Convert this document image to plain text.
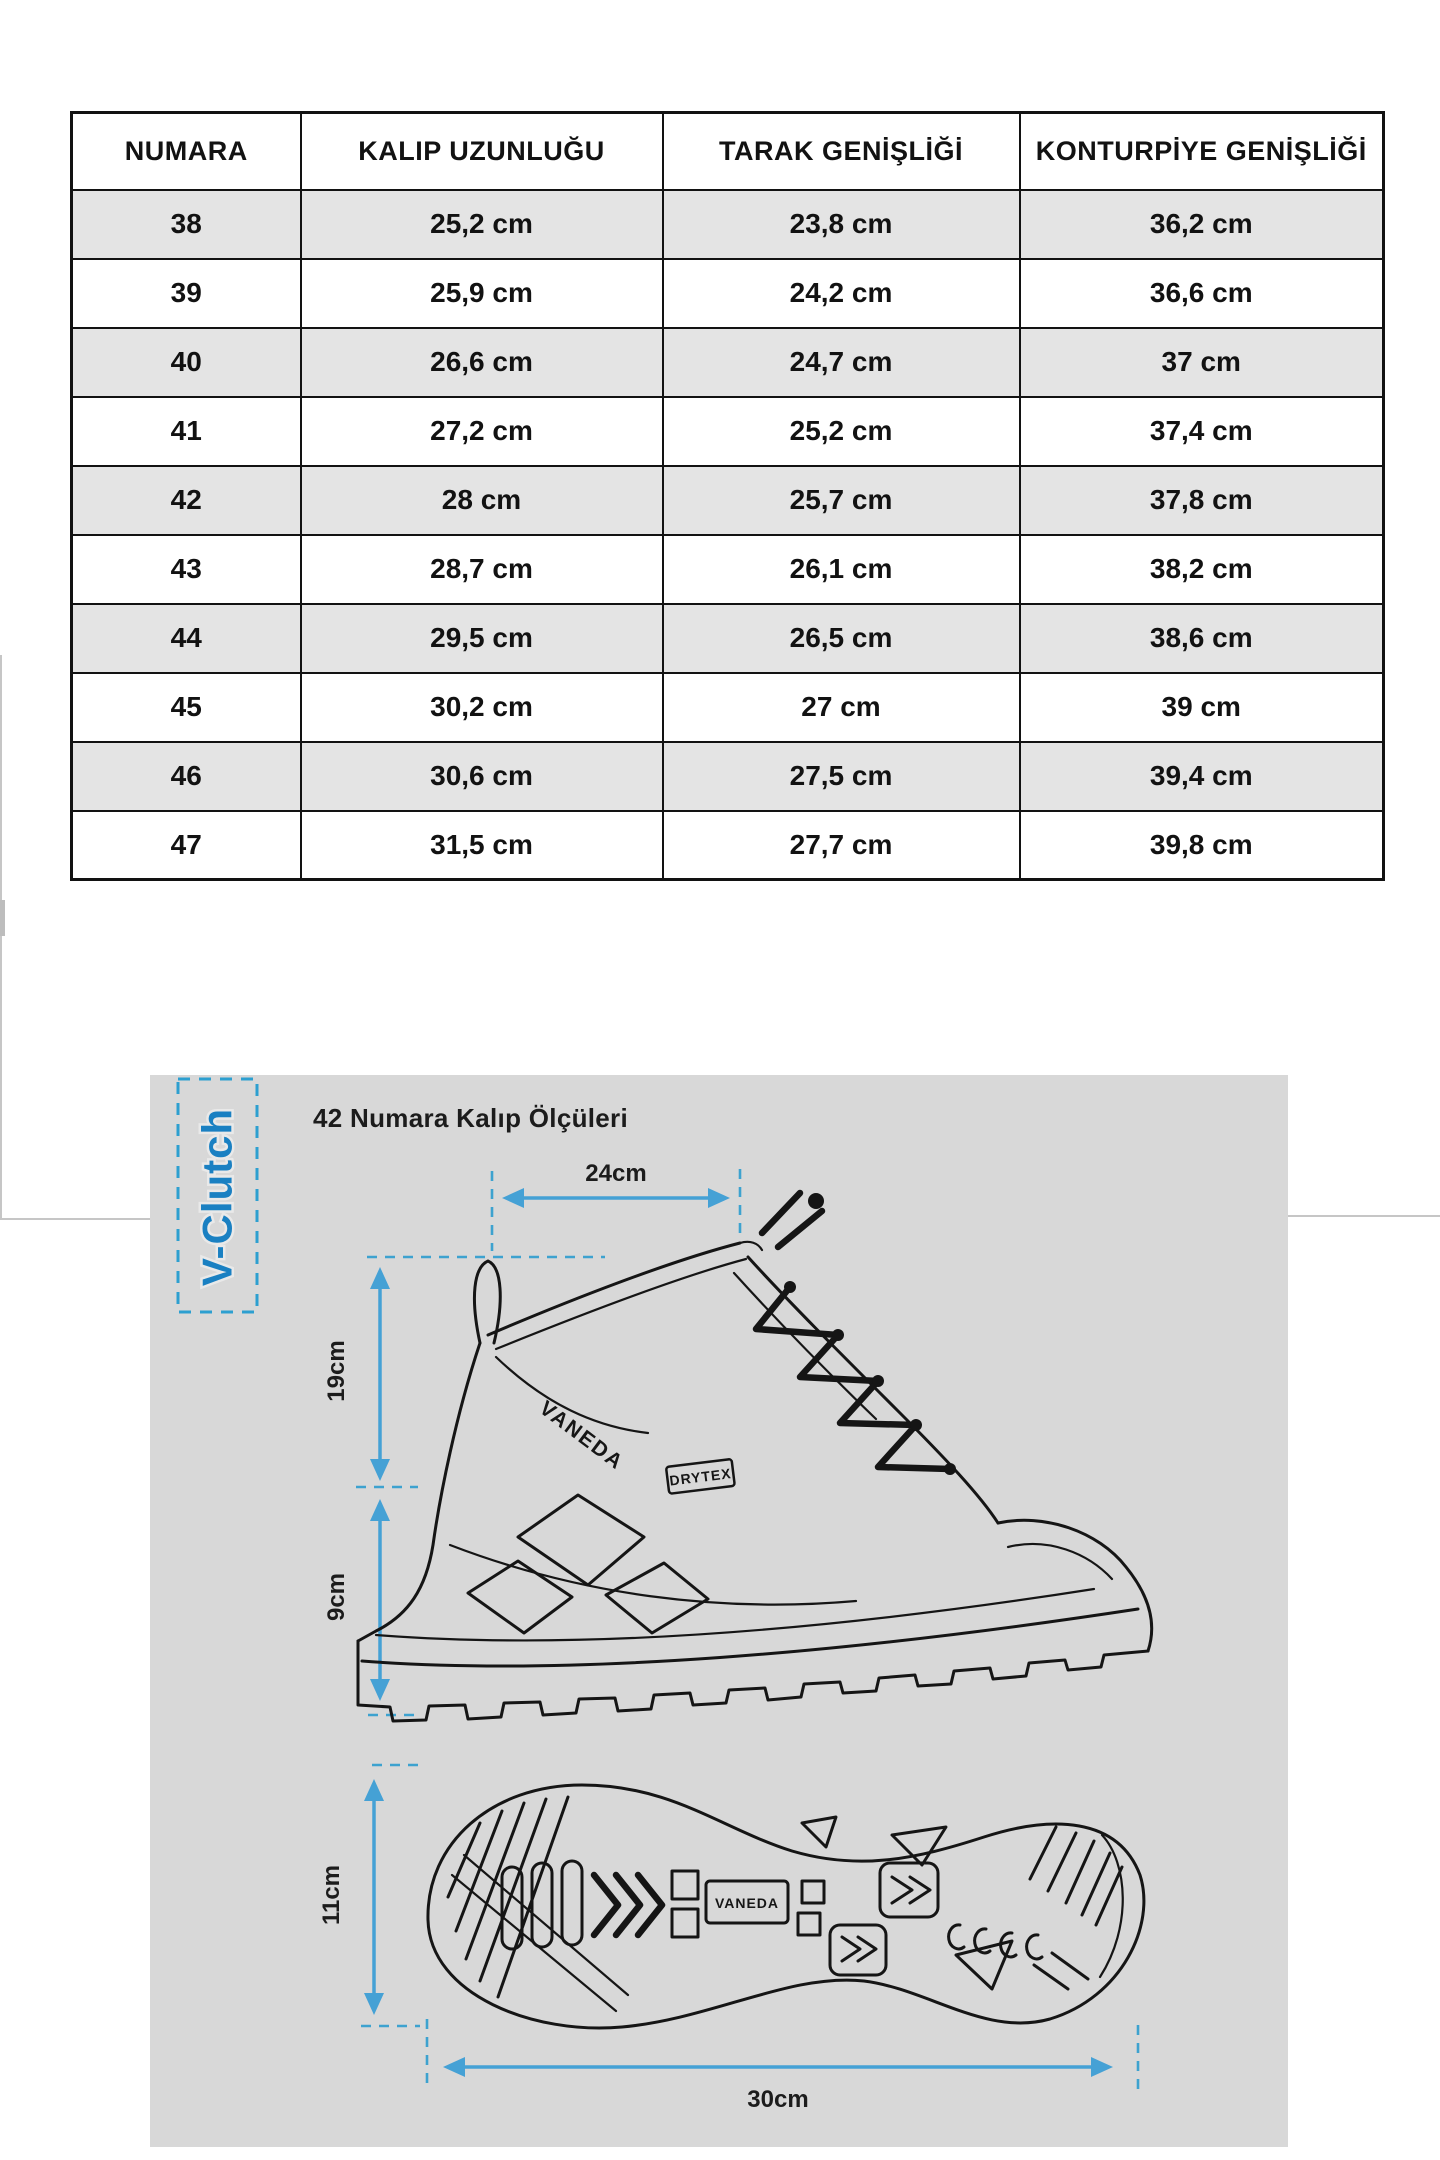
NUMARA	KALIP UZUNLUĞU	TARAK GENİŞLİĞİ	KONTURPİYE GENİŞLİĞİ
38	25,2 cm	23,8 cm	36,2 cm
39	25,9 cm	24,2 cm	36,6 cm
40	26,6 cm	24,7 cm	37 cm
41	27,2 cm	25,2 cm	37,4 cm
42	28 cm	25,7 cm	37,8 cm
43	28,7 cm	26,1 cm	38,2 cm
44	29,5 cm	26,5 cm	38,6 cm
45	30,2 cm	27 cm	39 cm
46	30,6 cm	27,5 cm	39,4 cm
47	31,5 cm	27,7 cm	39,8 cm
V-Clutch	42 Numara Kalıp Ölçüleri
24cm
19cm
9cm
11cm
30cm
VANEDA
DRYTEX
VANEDA
